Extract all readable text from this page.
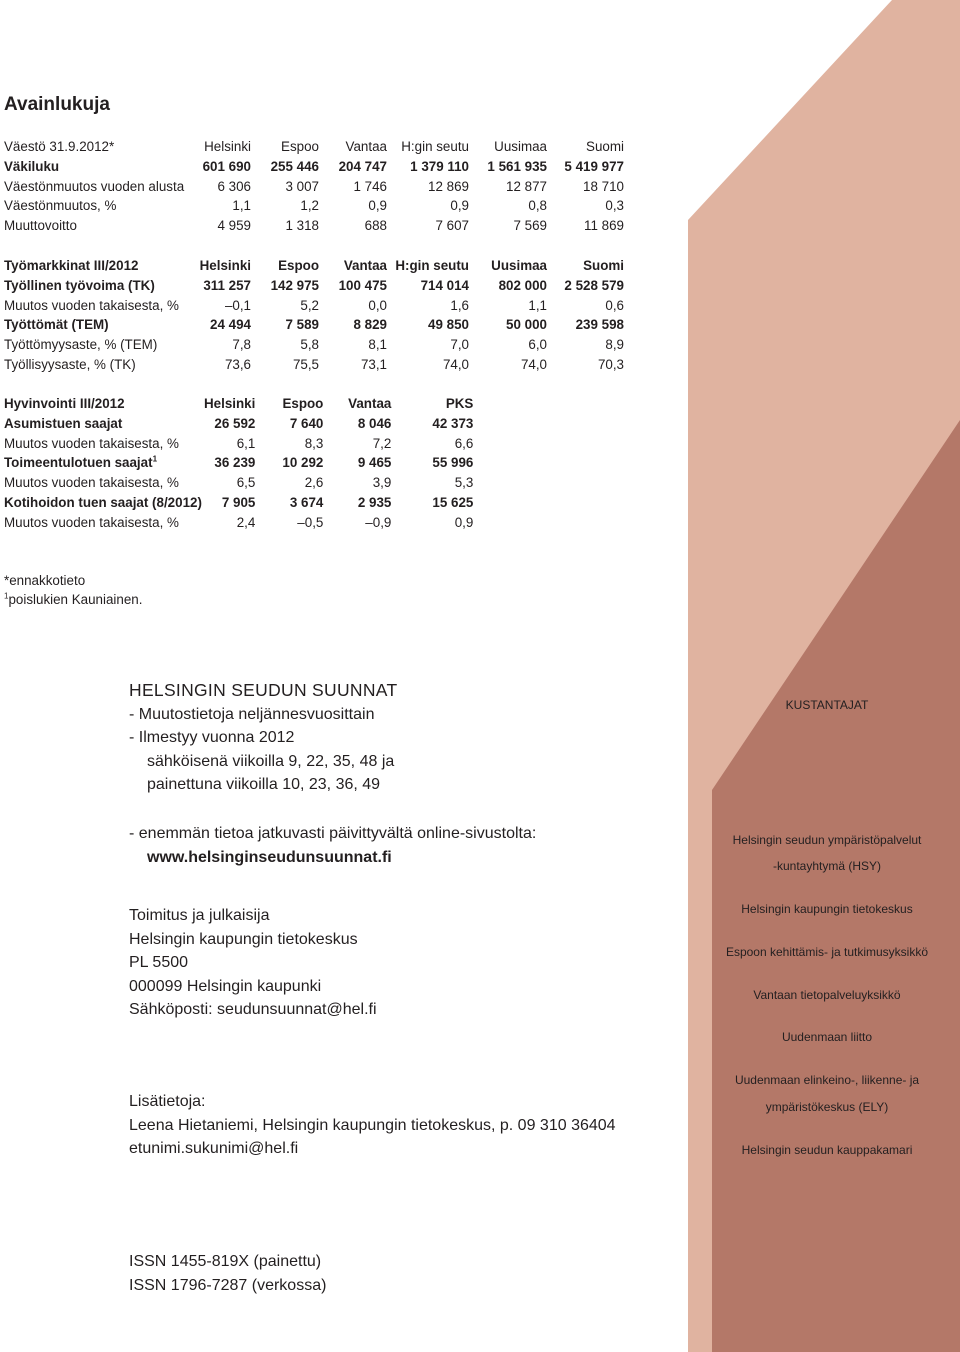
Avainlukuja
Väestö 31.9.2012*	Helsinki	Espoo	Vantaa	H:gin seutu	Uusimaa	Suomi
Väkiluku	601 690	255 446	204 747	1 379 110	1 561 935	5 419 977
Väestönmuutos vuoden alusta	6 306	3 007	1 746	12 869	12 877	18 710
Väestönmuutos, %	1,1	1,2	0,9	0,9	0,8	0,3
Muuttovoitto	4 959	1 318	688	7 607	7 569	11 869
Työmarkkinat III/2012	Helsinki	Espoo	Vantaa	H:gin seutu	Uusimaa	Suomi
Työllinen työvoima (TK)	311 257	142 975	100 475	714 014	802 000	2 528 579
Muutos vuoden takaisesta, %	–0,1	5,2	0,0	1,6	1,1	0,6
Työttömät (TEM)	24 494	7 589	8 829	49 850	50 000	239 598
Työttömyysaste, % (TEM)	7,8	5,8	8,1	7,0	6,0	8,9
Työllisyysaste, % (TK)	73,6	75,5	73,1	74,0	74,0	70,3
Hyvinvointi III/2012	Helsinki	Espoo	Vantaa	PKS
Asumistuen saajat	26 592	7 640	8 046	42 373
Muutos vuoden takaisesta, %	6,1	8,3	7,2	6,6
Toimeentulotuen saajat$^1$	36 239	10 292	9 465	55 996
Muutos vuoden takaisesta, %	6,5	2,6	3,9	5,3
Kotihoidon tuen saajat (8/2012)	7 905	3 674	2 935	15 625
Muutos vuoden takaisesta, %	2,4	–0,5	–0,9	0,9
*ennakkotieto
$^1$poislukien Kauniainen.
HELSINGIN SEUDUN SUUNNAT
- Muutostietoja neljännesvuosittain
- Ilmestyy vuonna 2012
sähköisenä viikoilla 9, 22, 35, 48 ja
painettuna viikoilla 10, 23, 36, 49
- enemmän tietoa jatkuvasti päivittyvältä online-sivustolta:
www.helsinginseudunsuunnat.fi
Toimitus ja julkaisija
Helsingin kaupungin tietokeskus
PL 5500
000099 Helsingin kaupunki
Sähköposti: seudunsuunnat@hel.fi
Lisätietoja:
Leena Hietaniemi, Helsingin kaupungin tietokeskus, p. 09 310 36404
etunimi.sukunimi@hel.fi
ISSN 1455-819X (painettu)
ISSN 1796-7287 (verkossa)
KUSTANTAJAT
Helsingin seudun ympäristöpalvelut
-kuntayhtymä (HSY)
Helsingin kaupungin tietokeskus
Espoon kehittämis- ja tutkimusyksikkö
Vantaan tietopalveluyksikkö
Uudenmaan liitto
Uudenmaan elinkeino-, liikenne- ja
ympäristökeskus (ELY)
Helsingin seudun kauppakamari
